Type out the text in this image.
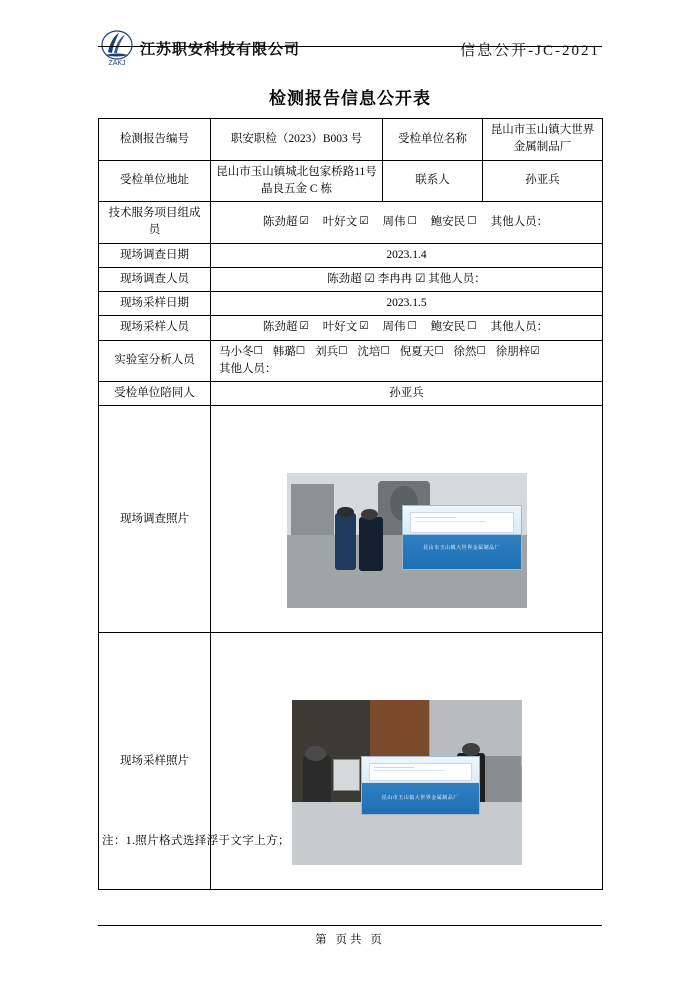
ZAKJ
江苏职安科技有限公司	信息公开-JC-2021
检测报告信息公开表
检测报告编号	职安职检（2023）B003 号	受检单位名称	昆山市玉山镇大世界金属制品厂
受检单位地址	昆山市玉山镇城北包家桥路11号晶良五金 C 栋	联系人	孙亚兵
技术服务项目组成员	陈劲超 ☑ 叶好文 ☑ 周伟 ☐ 鲍安民 ☐ 其他人员：		
现场调查日期	2023.1.4		
现场调查人员	陈劲超 ☑ 李冉冉 ☑ 其他人员：		
现场采样日期	2023.1.5		
现场采样人员	陈劲超 ☑ 叶好文 ☑ 周伟 ☐ 鲍安民 ☐ 其他人员：		
实验室分析人员	马小冬☐ 韩璐☐ 刘兵☐ 沈培☐ 倪夏天☐ 徐然☐ 徐朋梓☑
其他人员：		

受检单位陪同人	孙亚兵		
现场调查照片	昆山市玉山镇大世界金属制品厂		

现场采样照片	昆山市玉山镇大世界金属制品厂		
注：1.照片格式选择浮于文字上方；
第 页共 页
